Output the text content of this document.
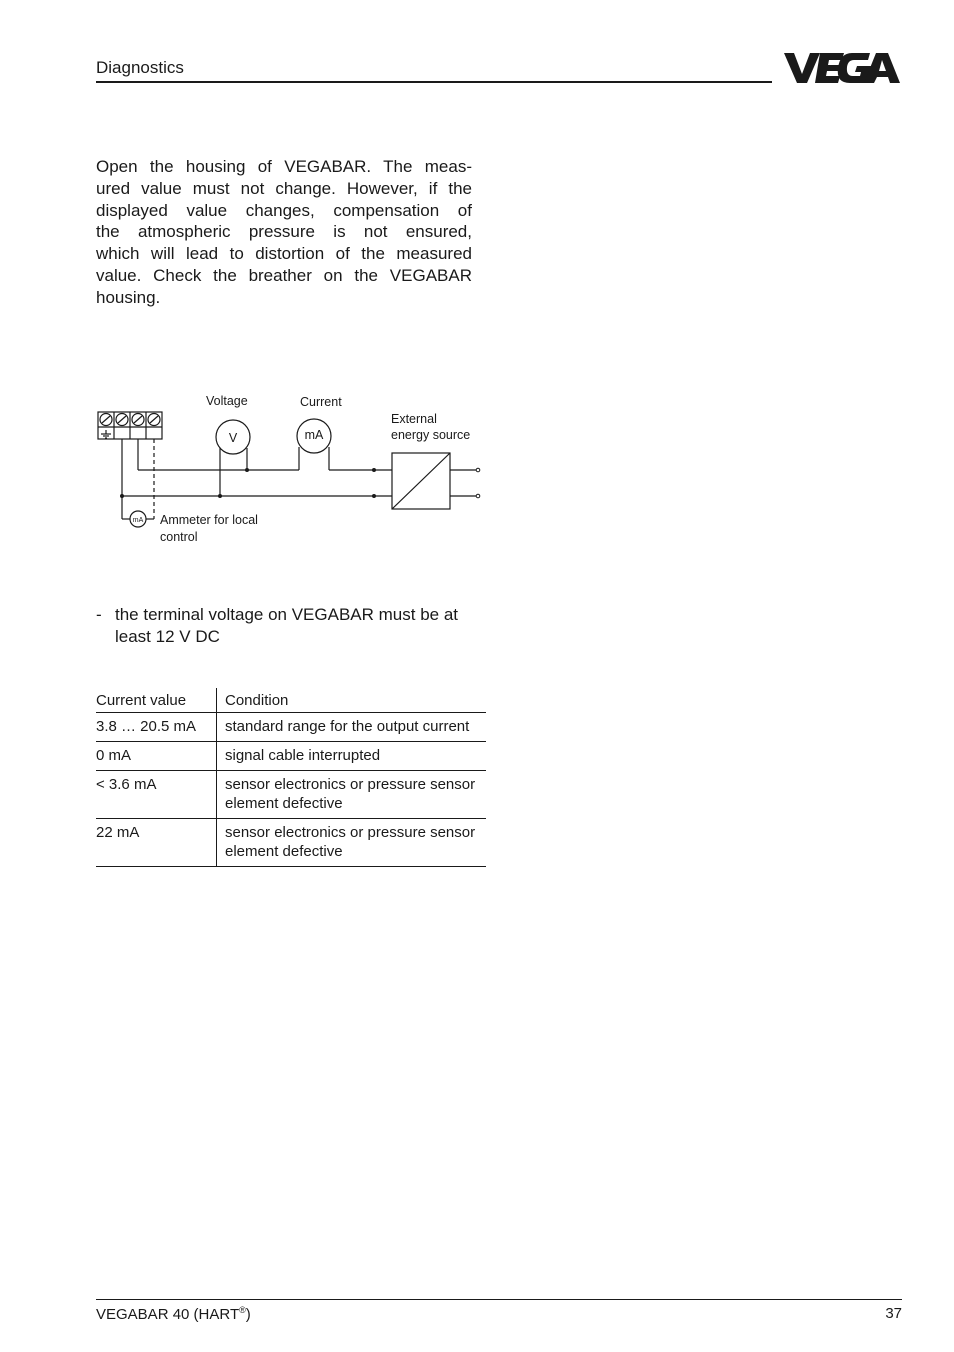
Diagnostics

Open the housing of VEGABAR. The meas-
ured value must not change. However, if the
displayed value changes, compensation of
the atmospheric pressure is not ensured,
which will lead to distortion of the measured
value. Check the breather on the VEGABAR
housing.

Voltage
V
Current
mA
External
energy source
mA Ammeter for local
control
- the terminal voltage on VEGABAR must be at least 12 V DC
Current value	Condition
3.8 … 20.5 mA	standard range for the output current
0 mA	signal cable interrupted
< 3.6 mA	sensor electronics or pressure sensor element defective
22 mA	sensor electronics or pressure sensor element defective
VEGABAR 40 (HART®)	37
